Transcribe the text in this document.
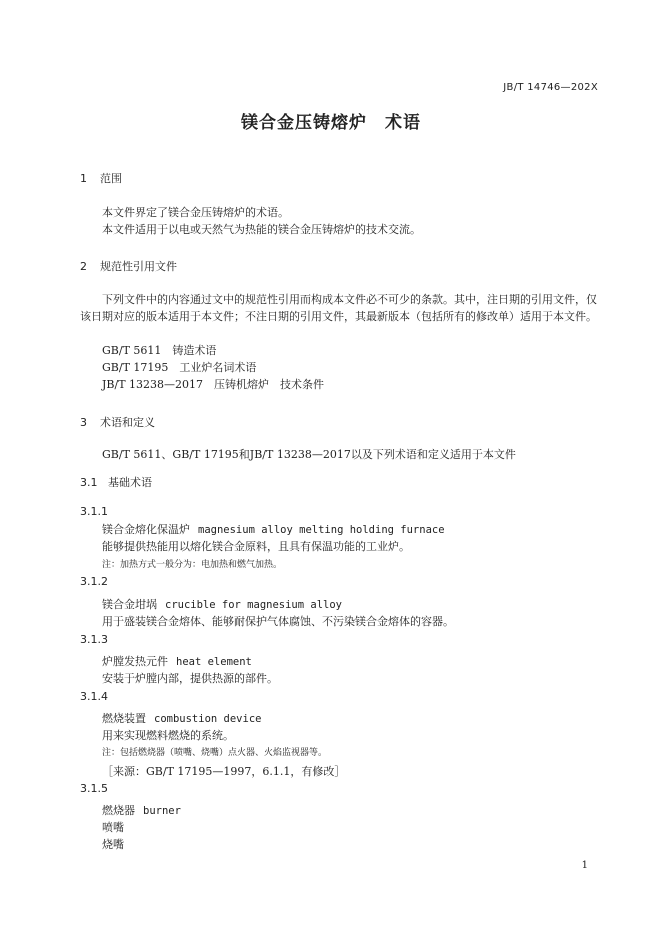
JB/T 14746—202X
镁合金压铸熔炉　术语
1 范围
本文件界定了镁合金压铸熔炉的术语。
本文件适用于以电或天然气为热能的镁合金压铸熔炉的技术交流。
2 规范性引用文件
下列文件中的内容通过文中的规范性引用而构成本文件必不可少的条款。其中，注日期的引用文件，仅该日期对应的版本适用于本文件；不注日期的引用文件，其最新版本（包括所有的修改单）适用于本文件。
GB/T 5611　铸造术语
GB/T 17195　工业炉名词术语
JB/T 13238—2017　压铸机熔炉　技术条件
3 术语和定义
GB/T 5611、GB/T 17195和JB/T 13238—2017以及下列术语和定义适用于本文件
3.1 基础术语
3.1.1
镁合金熔化保温炉 magnesium alloy melting holding furnace
能够提供热能用以熔化镁合金原料，且具有保温功能的工业炉。
注：加热方式一般分为：电加热和燃气加热。
3.1.2
镁合金坩埚 crucible for magnesium alloy
用于盛装镁合金熔体、能够耐保护气体腐蚀、不污染镁合金熔体的容器。
3.1.3
炉膛发热元件 heat element
安装于炉膛内部，提供热源的部件。
3.1.4
燃烧装置 combustion device
用来实现燃料燃烧的系统。
注：包括燃烧器（喷嘴、烧嘴）点火器、火焰监视器等。
［来源：GB/T 17195—1997，6.1.1，有修改］
3.1.5
燃烧器 burner
喷嘴
烧嘴
1
